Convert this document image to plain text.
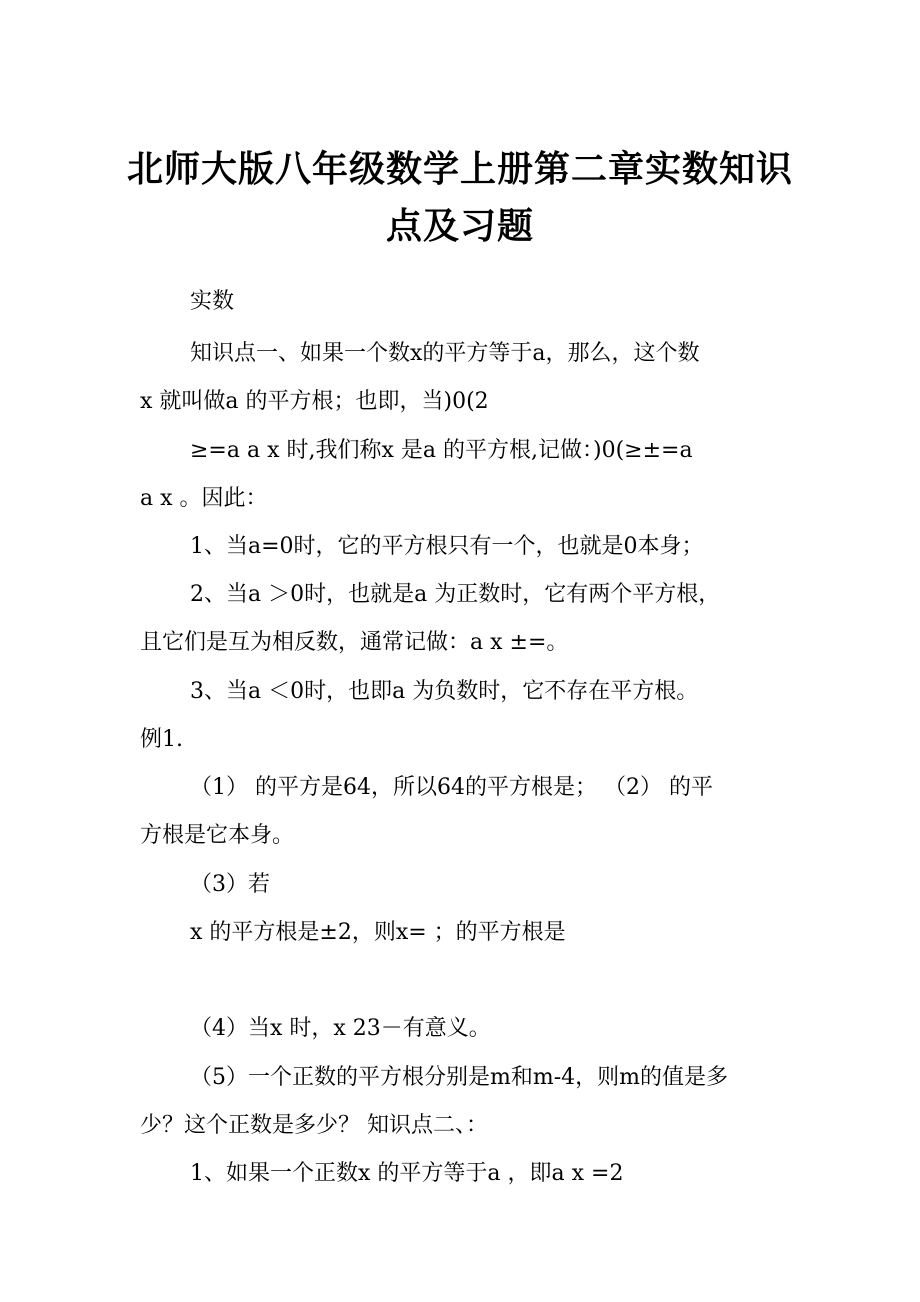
北师大版八年级数学上册第二章实数知识
点及习题
实数
知识点一、如果一个数x的平方等于a，那么，这个数
x 就叫做a 的平方根；也即，当)0(2
≥=a a x 时,我们称x 是a 的平方根,记做：)0(≥±=a
a x 。因此：
1、当a=0时，它的平方根只有一个，也就是0本身；
2、当a ＞0时，也就是a 为正数时，它有两个平方根，
且它们是互为相反数，通常记做：a x ±=。
3、当a ＜0时，也即a 为负数时，它不存在平方根。
例1.
（1） 的平方是64，所以64的平方根是； （2） 的平
方根是它本身。
（3）若
x 的平方根是±2，则x= ；的平方根是
（4）当x 时，x 23－有意义。
（5）一个正数的平方根分别是m和m-4，则m的值是多
少？这个正数是多少？ 知识点二、：
1、如果一个正数x 的平方等于a ，即a x =2
